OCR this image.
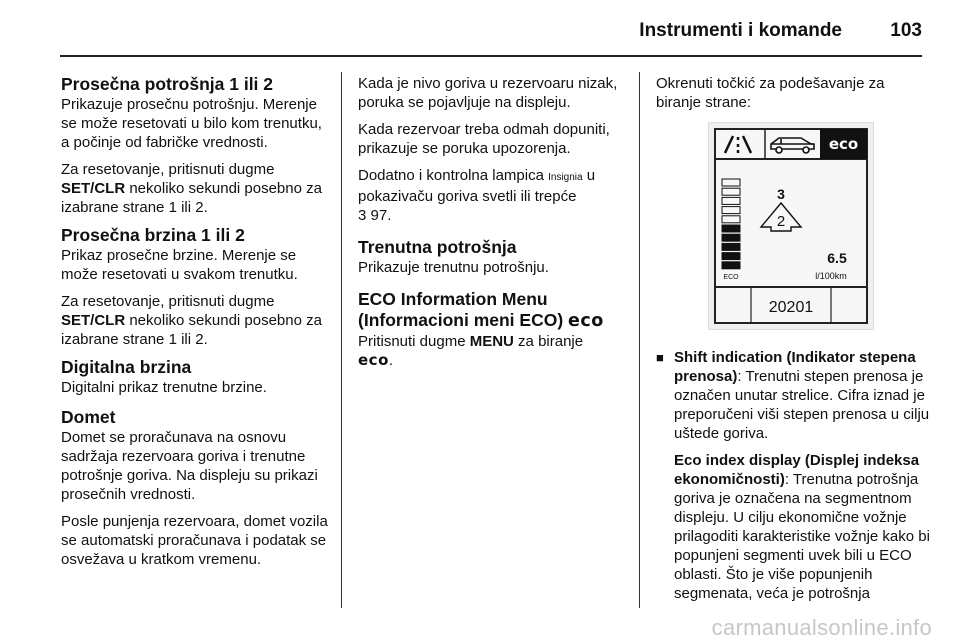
Instrumenti i komande	103
Prosečna potrošnja 1 ili 2

Prikazuje prosečnu potrošnju. Merenje se može resetovati u bilo kom trenutku, a počinje od fabričke vrednosti.

Za resetovanje, pritisnuti dugme SET/CLR nekoliko sekundi posebno za izabrane strane 1 ili 2.

Prosečna brzina 1 ili 2

Prikaz prosečne brzine. Merenje se može resetovati u svakom trenutku.

Za resetovanje, pritisnuti dugme SET/CLR nekoliko sekundi posebno za izabrane strane 1 ili 2.

Digitalna brzina

Digitalni prikaz trenutne brzine.

Domet

Domet se proračunava na osnovu sadržaja rezervoara goriva i trenutne potrošnje goriva. Na displeju su prikazi prosečnih vrednosti.

Posle punjenja rezervoara, domet vozila se automatski proračunava i podatak se osvežava u kratkom vremenu.

Kada je nivo goriva u rezervoaru nizak, poruka se pojavljuje na displeju.

Kada rezervoar treba odmah dopuniti, prikazuje se poruka upozorenja.

Dodatno i kontrolna lampica Insignia u pokazivaču goriva svetli ili trepće
3 97.

Trenutna potrošnja

Prikazuje trenutnu potrošnju.

ECO Information Menu
(Informacioni meni ECO) eco

Pritisnuti dugme MENU za biranje
eco.

Okrenuti točkić za podešavanje za biranje strane:

eco
ECO
3
2
6.5
l/100km
20201
■ Shift indication (Indikator stepena prenosa): Trenutni stepen prenosa je označen unutar strelice. Cifra iznad je preporučeni viši stepen prenosa u cilju uštede goriva.

Eco index display (Displej indeksa ekonomičnosti): Trenutna potrošnja goriva je označena na segmentnom displeju. U cilju ekonomične vožnje prilagoditi karakteristike vožnje kako bi popunjeni segmenti uvek bili u ECO oblasti. Što je više popunjenih segmenata, veća je potrošnja

carmanualsonline.info
